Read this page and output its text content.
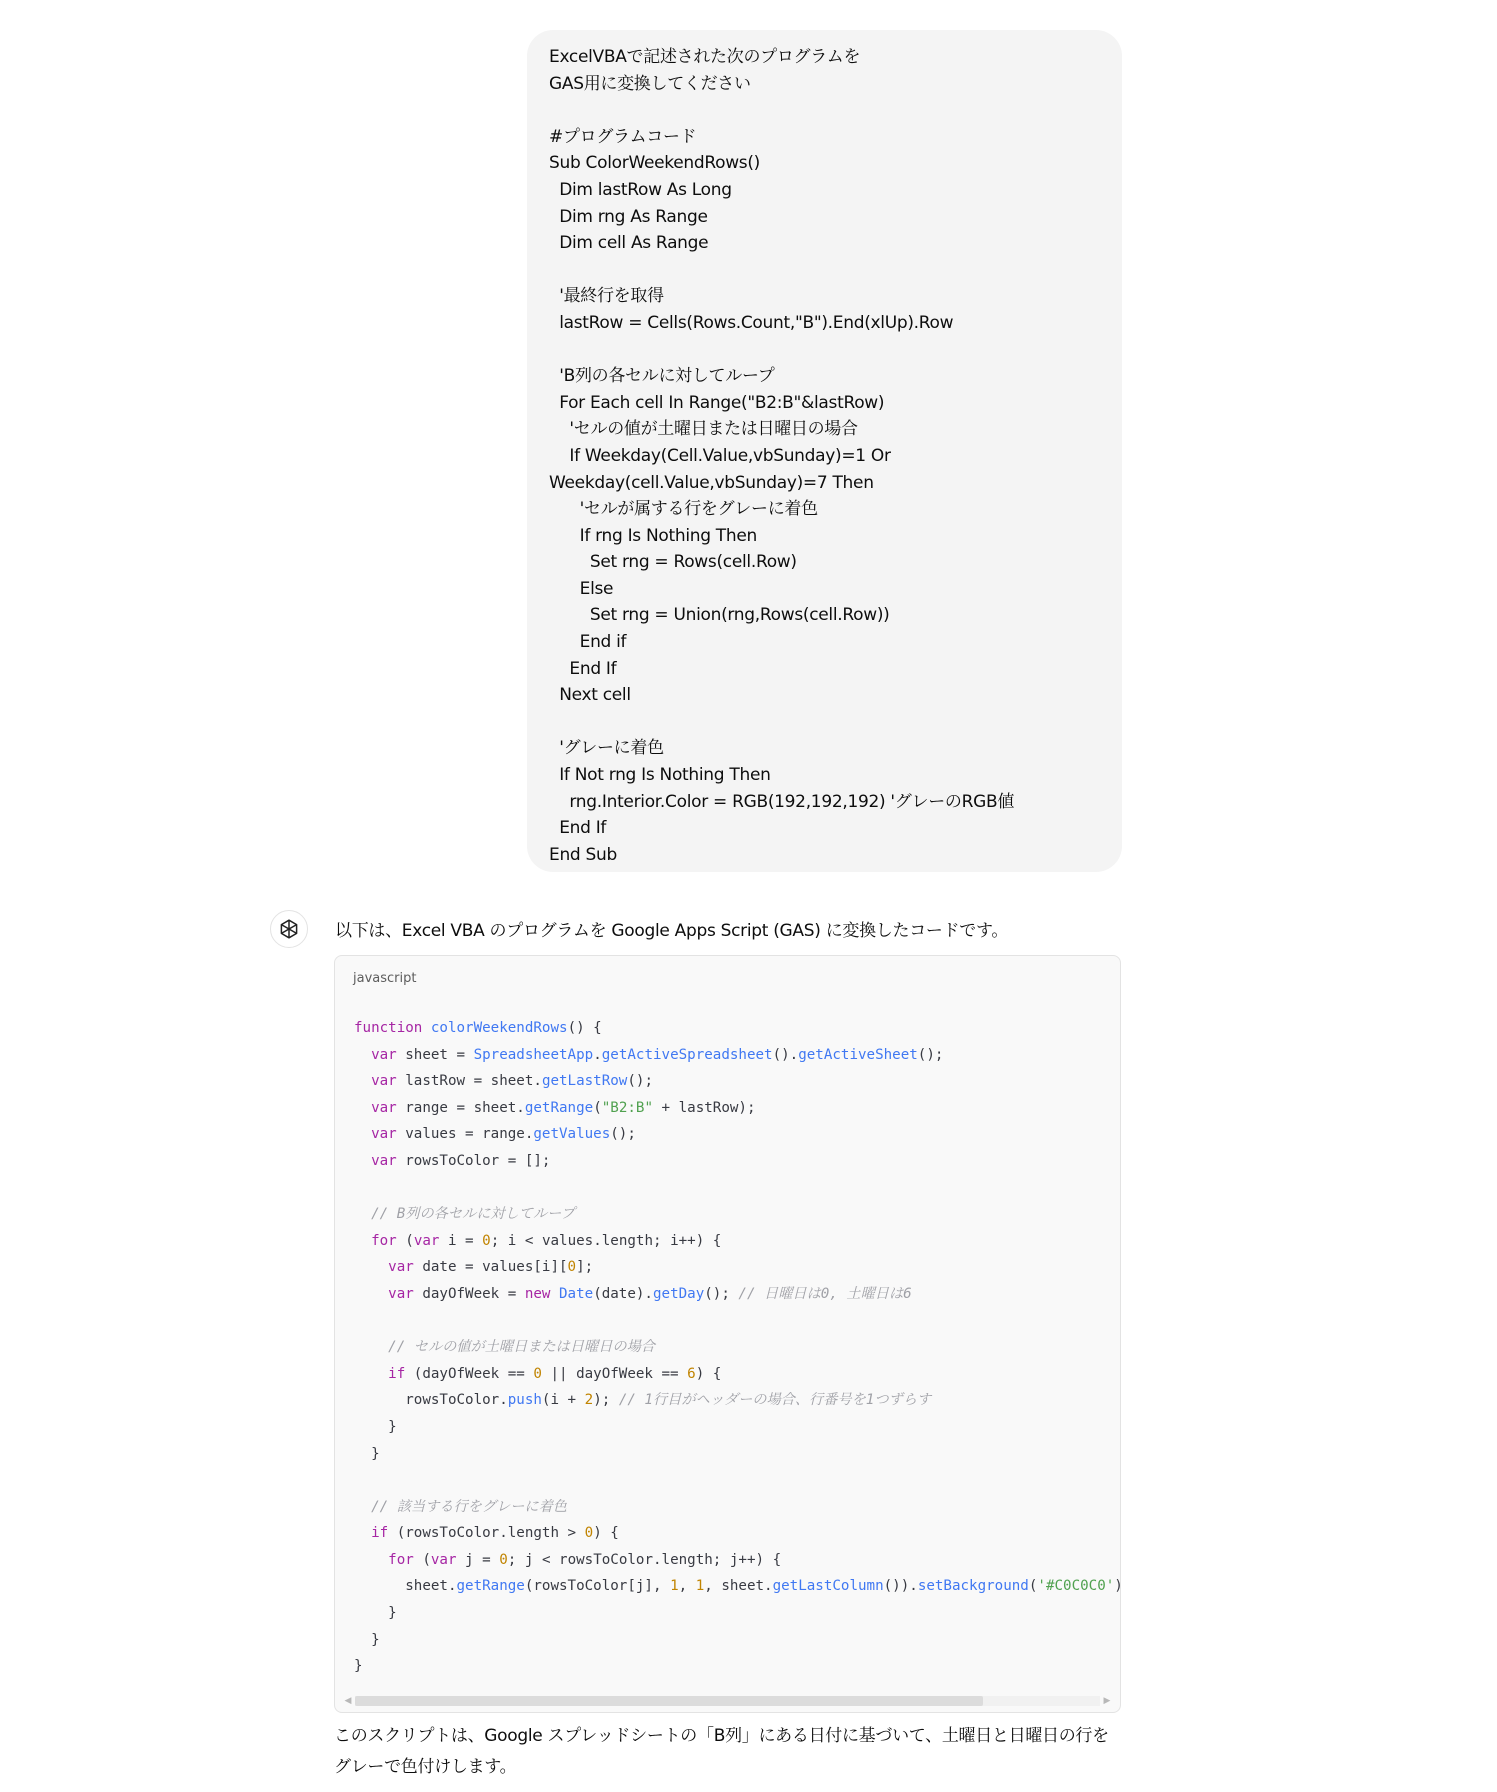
ExcelVBAで記述された次のプログラムを
GAS用に変換してください
#プログラムコード
Sub ColorWeekendRows()
Dim lastRow As Long
Dim rng As Range
Dim cell As Range
'最終行を取得
lastRow = Cells(Rows.Count,"B").End(xlUp).Row
'B列の各セルに対してループ
For Each cell In Range("B2:B"&lastRow)
'セルの値が土曜日または日曜日の場合
If Weekday(Cell.Value,vbSunday)=1 Or
Weekday(cell.Value,vbSunday)=7 Then
'セルが属する行をグレーに着色
If rng Is Nothing Then
Set rng = Rows(cell.Row)
Else
Set rng = Union(rng,Rows(cell.Row))
End if
End If
Next cell
'グレーに着色
If Not rng Is Nothing Then
rng.Interior.Color = RGB(192,192,192) 'グレーのRGB値
End If
End Sub
以下は、Excel VBA のプログラムを Google Apps Script (GAS) に変換したコードです。
javascript
function colorWeekendRows() {
var sheet = SpreadsheetApp.getActiveSpreadsheet().getActiveSheet();
var lastRow = sheet.getLastRow();
var range = sheet.getRange("B2:B" + lastRow);
var values = range.getValues();
var rowsToColor = [];

// B列の各セルに対してループ
for (var i = 0; i < values.length; i++) {
var date = values[i][0];
var dayOfWeek = new Date(date).getDay(); // 日曜日は0, 土曜日は6

// セルの値が土曜日または日曜日の場合
if (dayOfWeek == 0 || dayOfWeek == 6) {
rowsToColor.push(i + 2); // 1行目がヘッダーの場合、行番号を1つずらす
}
}

// 該当する行をグレーに着色
if (rowsToColor.length > 0) {
for (var j = 0; j < rowsToColor.length; j++) {
sheet.getRange(rowsToColor[j], 1, 1, sheet.getLastColumn()).setBackground('#C0C0C0')
}
}
}
◀	▶
このスクリプトは、Google スプレッドシートの「B列」にある日付に基づいて、土曜日と日曜日の行をグレーで色付けします。
